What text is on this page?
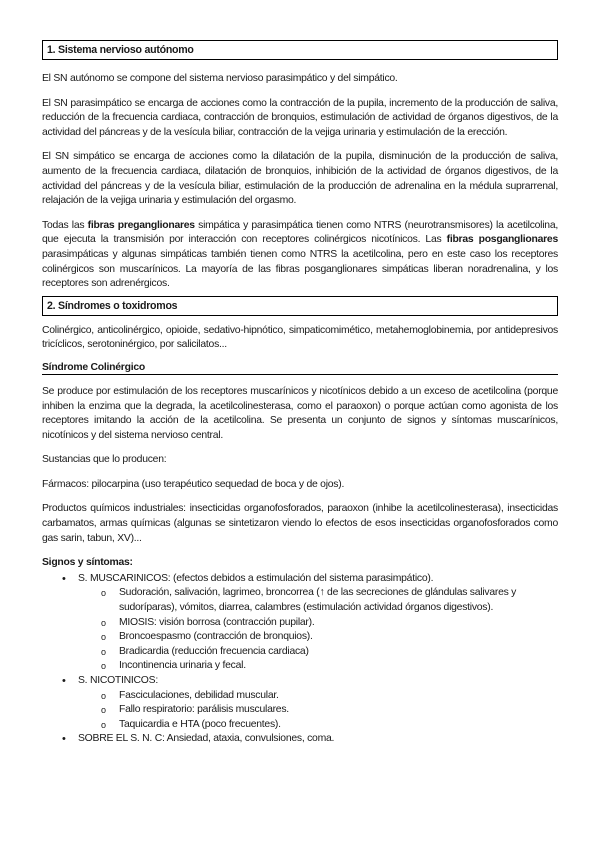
1. Sistema nervioso autónomo

El SN autónomo se compone del sistema nervioso parasimpático y del simpático.

El SN parasimpático se encarga de acciones como la contracción de la pupila, incremento de la producción de saliva, reducción de la frecuencia cardiaca, contracción de bronquios, estimulación de actividad de órganos digestivos, de la actividad del páncreas y de la vesícula biliar, contracción de la vejiga urinaria y estimulación de la erección.

El SN simpático se encarga de acciones como la dilatación de la pupila, disminución de la producción de saliva, aumento de la frecuencia cardiaca, dilatación de bronquios, inhibición de la actividad de órganos digestivos, de la actividad del páncreas y de la vesícula biliar, estimulación de la producción de adrenalina en la médula suprarrenal, relajación de la vejiga urinaria y estimulación del orgasmo.

Todas las fibras preganglionares simpática y parasimpática tienen como NTRS (neurotransmisores) la acetilcolina, que ejecuta la transmisión por interacción con receptores colinérgicos nicotínicos. Las fibras posganglionares parasimpáticas y algunas simpáticas también tienen como NTRS la acetilcolina, pero en este caso los receptores colinérgicos son muscarínicos. La mayoría de las fibras posganglionares simpáticas liberan noradrenalina, y los receptores son adrenérgicos.

2. Síndromes o toxidromos

Colinérgico, anticolinérgico, opioide, sedativo-hipnótico, simpaticomimético, metahemoglobinemia, por antidepresivos tricíclicos, serotoninérgico, por salicilatos...

Síndrome Colinérgico

Se produce por estimulación de los receptores muscarínicos y nicotínicos debido a un exceso de acetilcolina (porque inhiben la enzima que la degrada, la acetilcolinesterasa, como el paraoxon) o porque actúan como agonista de los receptores imitando la acción de la acetilcolina. Se presenta un conjunto de signos y síntomas muscarínicos, nicotínicos y del sistema nervioso central.

Sustancias que lo producen:

Fármacos: pilocarpina (uso terapéutico sequedad de boca y de ojos).

Productos químicos industriales: insecticidas organofosforados, paraoxon (inhibe la acetilcolinesterasa), insecticidas carbamatos, armas químicas (algunas se sintetizaron viendo lo efectos de esos insecticidas organofosforados como gas sarin, tabun, XV)...

Signos y síntomas:
• S. MUSCARINICOS: (efectos debidos a estimulación del sistema parasimpático).
o Sudoración, salivación, lagrimeo, broncorrea (↑ de las secreciones de glándulas salivares y sudoríparas), vómitos, diarrea, calambres (estimulación actividad órganos digestivos).
o MIOSIS: visión borrosa (contracción pupilar).
o Broncoespasmo (contracción de bronquios).
o Bradicardia (reducción frecuencia cardiaca)
o Incontinencia urinaria y fecal.
• S. NICOTINICOS:
o Fasciculaciones, debilidad muscular.
o Fallo respiratorio: parálisis musculares.
o Taquicardia e HTA (poco frecuentes).
• SOBRE EL S. N. C: Ansiedad, ataxia, convulsiones, coma.
